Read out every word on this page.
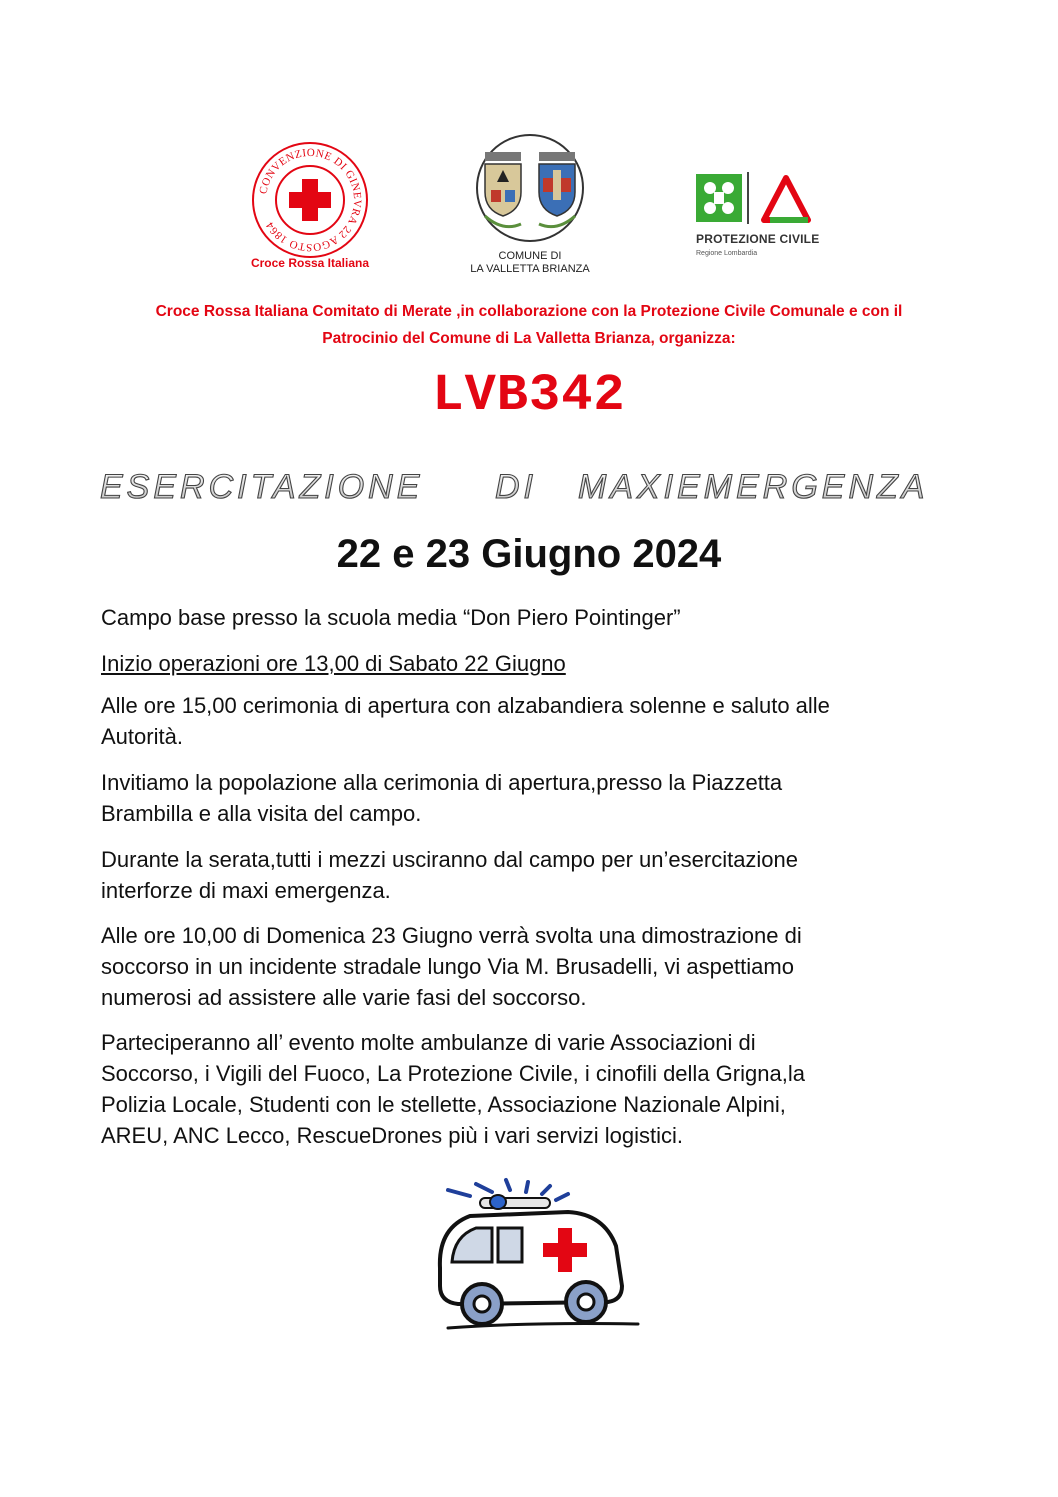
CONVENZIONE DI GINEVRA 22 AGOSTO 1864
Croce Rossa Italiana	COMUNE DI
LA VALLETTA BRIANZA
PROTEZIONE CIVILE
Regione Lombardia
Croce Rossa Italiana Comitato di Merate ,in collaborazione con la Protezione Civile Comunale e con il
Patrocinio del Comune di La Valletta Brianza, organizza:
LVB342
ESERCITAZIONE DI MAXIEMERGENZA
22 e 23 Giugno 2024
Campo base presso la scuola media “Don Piero Pointinger”
Inizio operazioni ore 13,00 di Sabato 22 Giugno
Alle ore 15,00 cerimonia di apertura con alzabandiera solenne e saluto alle
Autorità.
Invitiamo la popolazione alla cerimonia di apertura,presso la Piazzetta
Brambilla e alla visita del campo.
Durante la serata,tutti i mezzi usciranno dal campo per un’esercitazione
interforze di maxi emergenza.
Alle ore 10,00 di Domenica 23 Giugno verrà svolta una dimostrazione di
soccorso in un incidente stradale lungo Via M. Brusadelli, vi aspettiamo
numerosi ad assistere alle varie fasi del soccorso.
Parteciperanno all’ evento molte ambulanze di varie Associazioni di
Soccorso, i Vigili del Fuoco, La Protezione Civile, i cinofili della Grigna,la
Polizia Locale, Studenti con le stellette, Associazione Nazionale Alpini,
AREU, ANC Lecco, RescueDrones più i vari servizi logistici.
